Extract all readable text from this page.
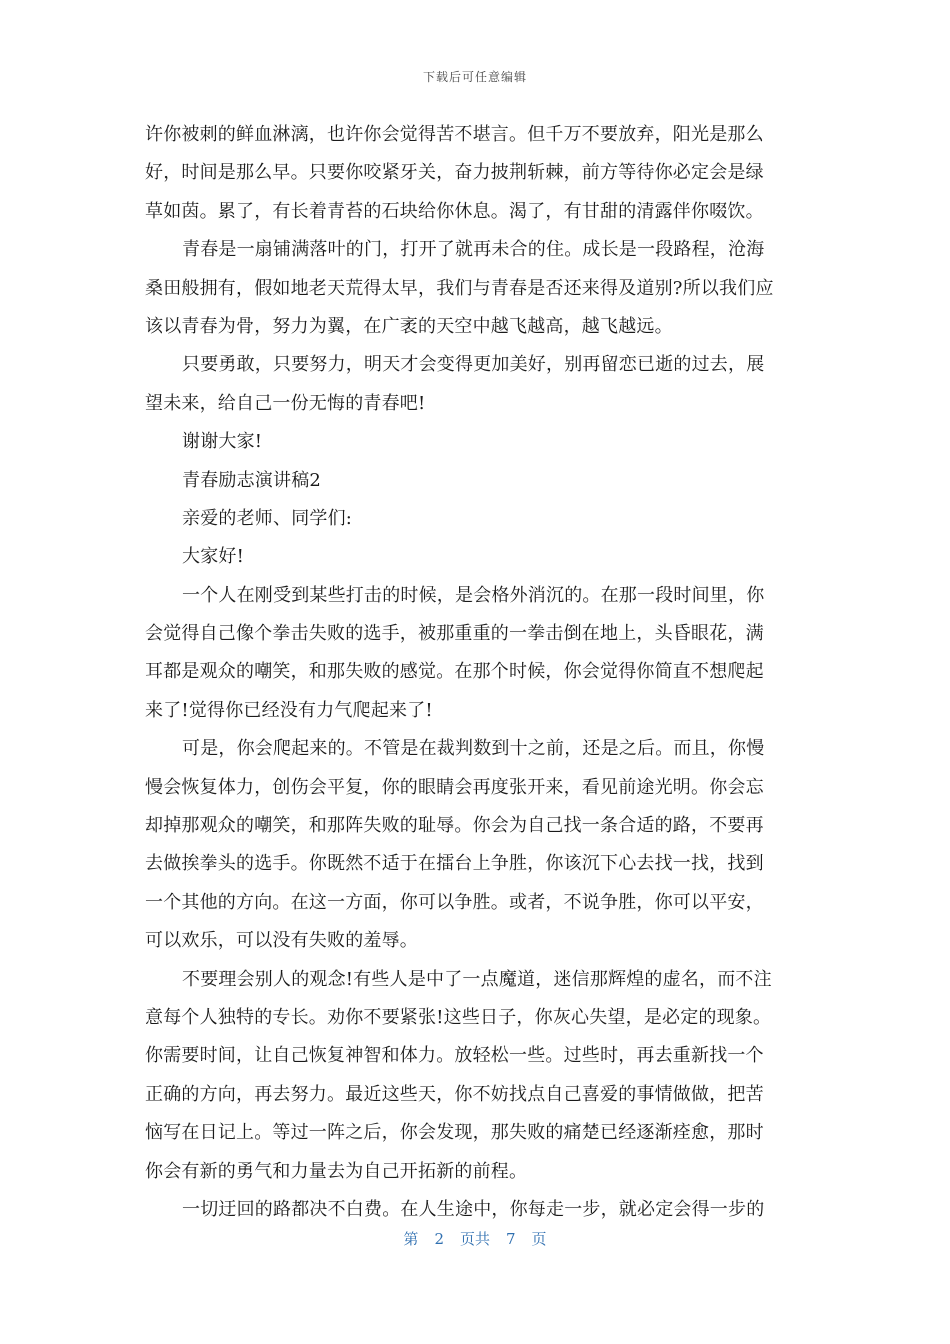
下载后可任意编辑
许你被刺的鲜血淋漓，也许你会觉得苦不堪言。但千万不要放弃，阳光是那么
好，时间是那么早。只要你咬紧牙关，奋力披荆斩棘，前方等待你必定会是绿
草如茵。累了，有长着青苔的石块给你休息。渴了，有甘甜的清露伴你啜饮。
青春是一扇铺满落叶的门，打开了就再未合的住。成长是一段路程，沧海
桑田般拥有，假如地老天荒得太早，我们与青春是否还来得及道别?所以我们应
该以青春为骨，努力为翼，在广袤的天空中越飞越高，越飞越远。
只要勇敢，只要努力，明天才会变得更加美好，别再留恋已逝的过去，展
望未来，给自己一份无悔的青春吧!
谢谢大家!
青春励志演讲稿2
亲爱的老师、同学们:
大家好!
一个人在刚受到某些打击的时候，是会格外消沉的。在那一段时间里，你
会觉得自己像个拳击失败的选手，被那重重的一拳击倒在地上，头昏眼花，满
耳都是观众的嘲笑，和那失败的感觉。在那个时候，你会觉得你简直不想爬起
来了!觉得你已经没有力气爬起来了!
可是，你会爬起来的。不管是在裁判数到十之前，还是之后。而且，你慢
慢会恢复体力，创伤会平复，你的眼睛会再度张开来，看见前途光明。你会忘
却掉那观众的嘲笑，和那阵失败的耻辱。你会为自己找一条合适的路，不要再
去做挨拳头的选手。你既然不适于在擂台上争胜，你该沉下心去找一找，找到
一个其他的方向。在这一方面，你可以争胜。或者，不说争胜，你可以平安，
可以欢乐，可以没有失败的羞辱。
不要理会别人的观念!有些人是中了一点魔道，迷信那辉煌的虚名，而不注
意每个人独特的专长。劝你不要紧张!这些日子，你灰心失望，是必定的现象。
你需要时间，让自己恢复神智和体力。放轻松一些。过些时，再去重新找一个
正确的方向，再去努力。最近这些天，你不妨找点自己喜爱的事情做做，把苦
恼写在日记上。等过一阵之后，你会发现，那失败的痛楚已经逐渐痊愈，那时
你会有新的勇气和力量去为自己开拓新的前程。
一切迂回的路都决不白费。在人生途中，你每走一步，就必定会得一步的
第 2 页共 7 页
